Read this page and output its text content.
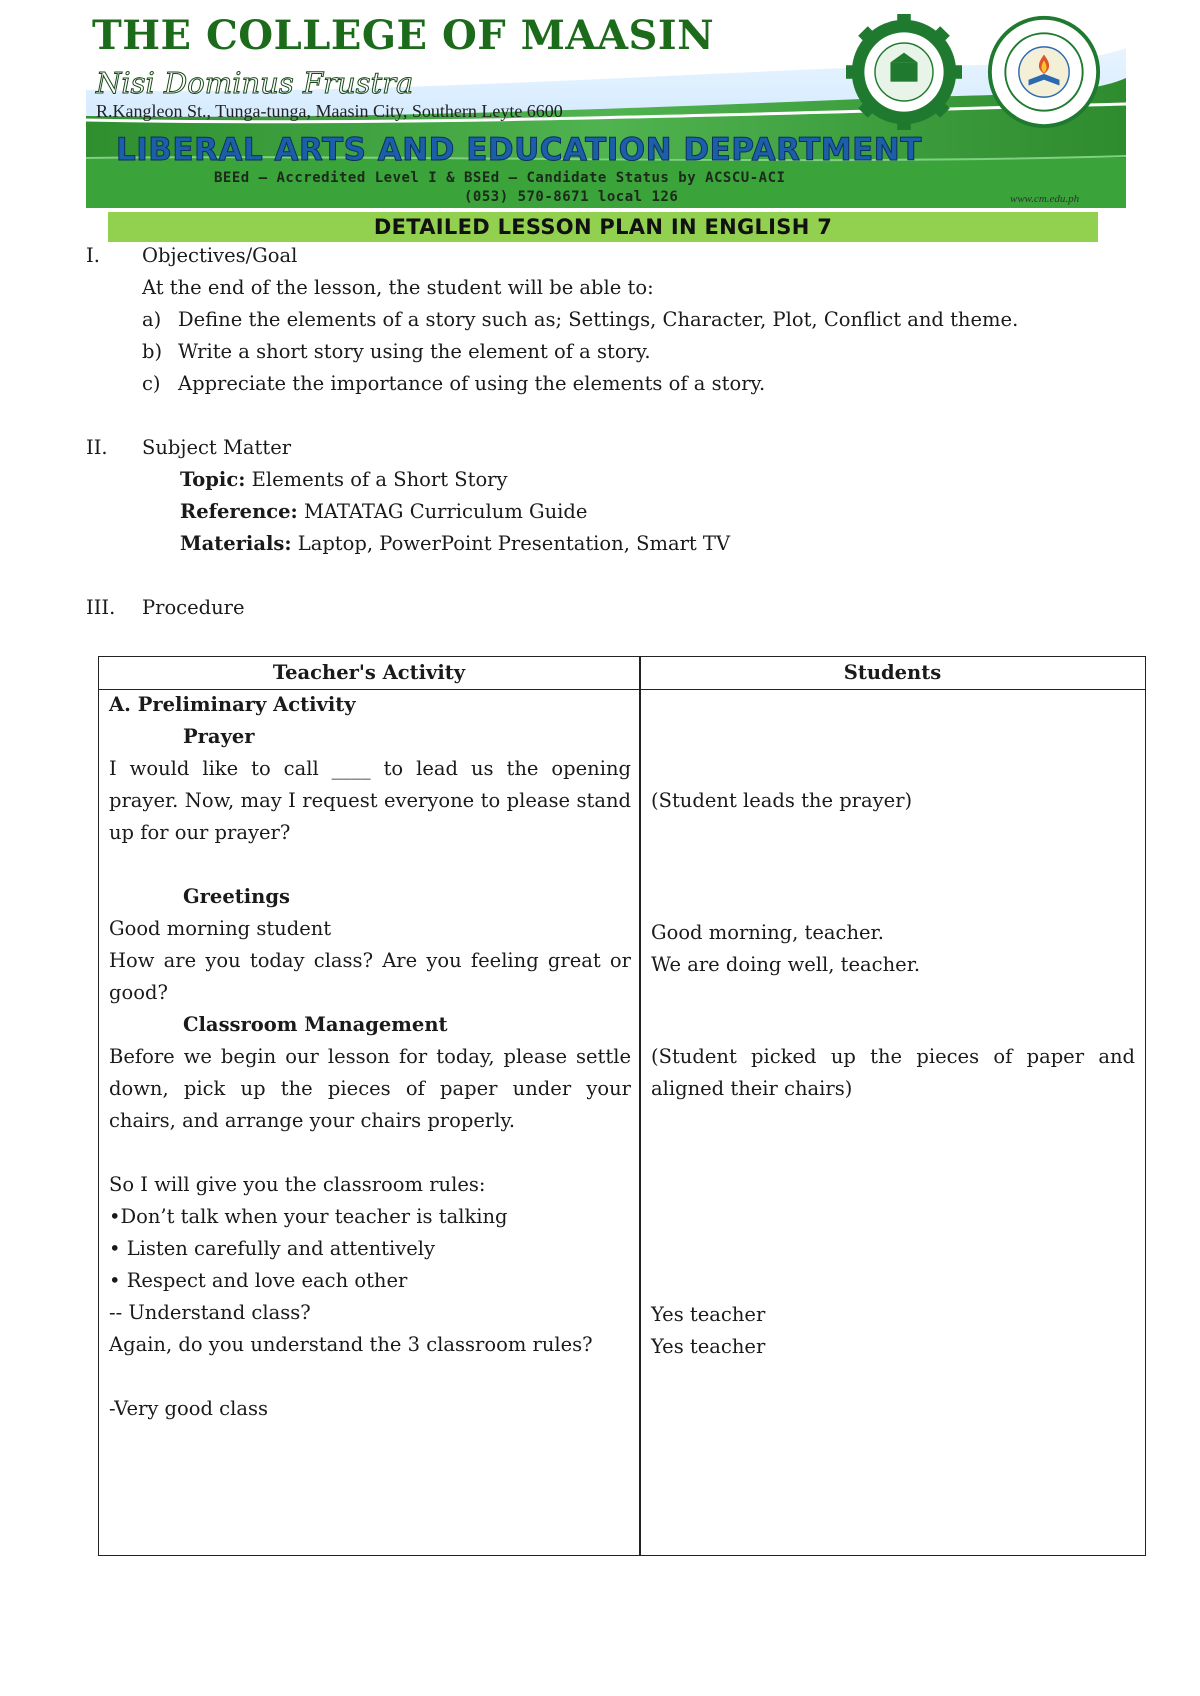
THE COLLEGE OF MAASIN
Nisi Dominus Frustra
R.Kangleon St., Tunga-tunga, Maasin City, Southern Leyte 6600
LIBERAL ARTS AND EDUCATION DEPARTMENT
BEEd – Accredited Level I & BSEd – Candidate Status by ACSCU-ACI
(053) 570-8671 local 126	www.cm.edu.ph
DETAILED LESSON PLAN IN ENGLISH 7
I. Objectives/Goal
At the end of the lesson, the student will be able to:
a) Define the elements of a story such as; Settings, Character, Plot, Conflict and theme.
b) Write a short story using the element of a story.
c) Appreciate the importance of using the elements of a story.
II. Subject Matter
Topic: Elements of a Short Story
Reference: MATATAG Curriculum Guide
Materials: Laptop, PowerPoint Presentation, Smart TV
III. Procedure
Teacher's Activity	Students
A. Preliminary Activity
Prayer
I would like to call ____ to lead us the opening prayer. Now, may I request everyone to please stand up for our prayer?
Greetings
Good morning student
How are you today class? Are you feeling great or good?
Classroom Management
Before we begin our lesson for today, please settle down, pick up the pieces of paper under your chairs, and arrange your chairs properly.
So I will give you the classroom rules:
•Don’t talk when your teacher is talking
• Listen carefully and attentively
• Respect and love each other
-- Understand class?
Again, do you understand the 3 classroom rules?
-Very good class
(Student leads the prayer)
Good morning, teacher.
We are doing well, teacher.
(Student picked up the pieces of paper and aligned their chairs)
Yes teacher
Yes teacher
